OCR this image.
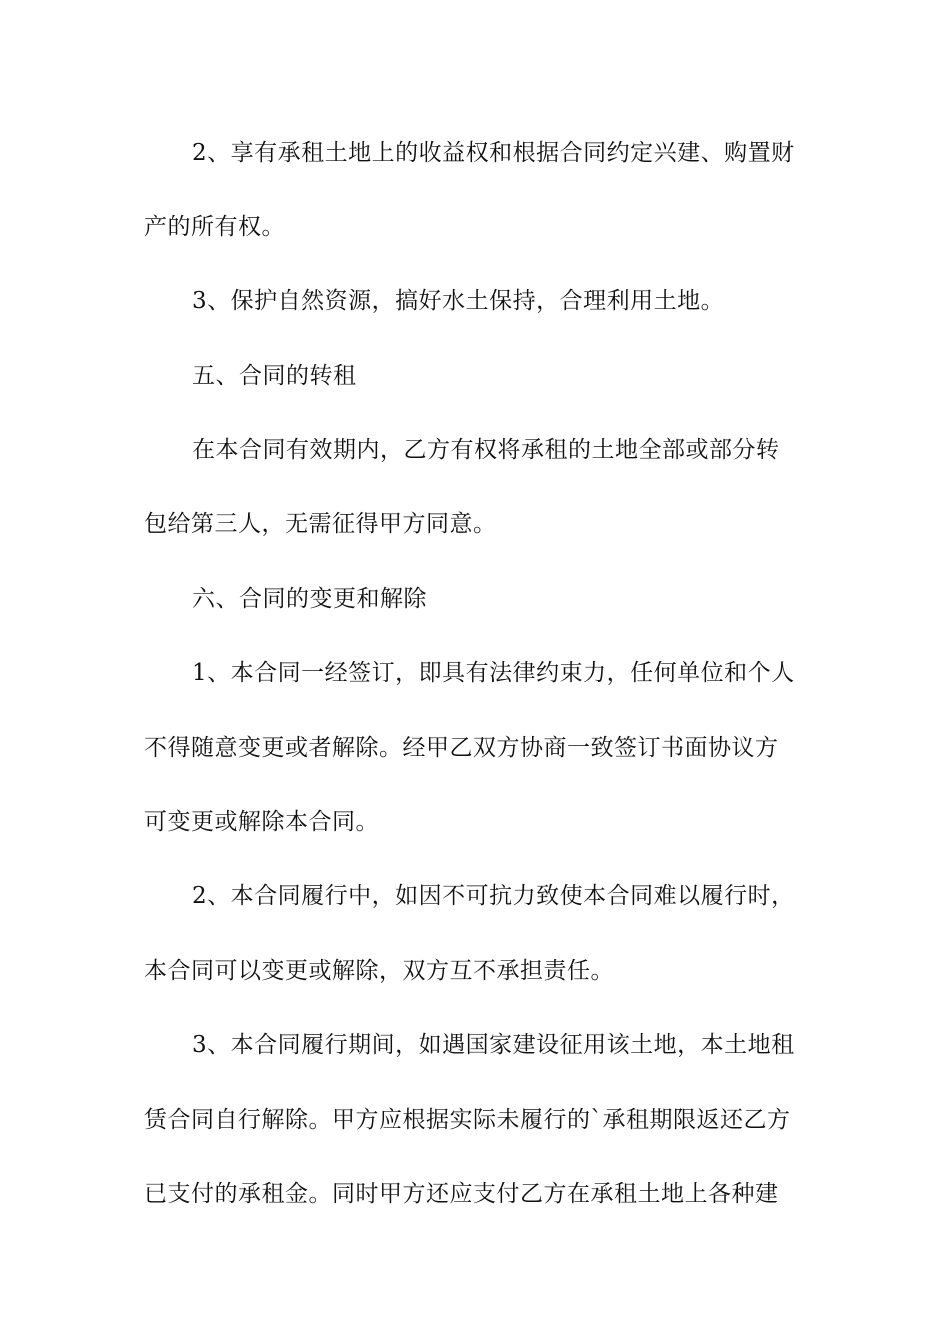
2、享有承租土地上的收益权和根据合同约定兴建、购置财
产的所有权。
3、保护自然资源，搞好水土保持，合理利用土地。
五、合同的转租
在本合同有效期内，乙方有权将承租的土地全部或部分转
包给第三人，无需征得甲方同意。
六、合同的变更和解除
1、本合同一经签订，即具有法律约束力，任何单位和个人
不得随意变更或者解除。经甲乙双方协商一致签订书面协议方
可变更或解除本合同。
2、本合同履行中，如因不可抗力致使本合同难以履行时，
本合同可以变更或解除，双方互不承担责任。
3、本合同履行期间，如遇国家建设征用该土地，本土地租
赁合同自行解除。甲方应根据实际未履行的`承租期限返还乙方
已支付的承租金。同时甲方还应支付乙方在承租土地上各种建
